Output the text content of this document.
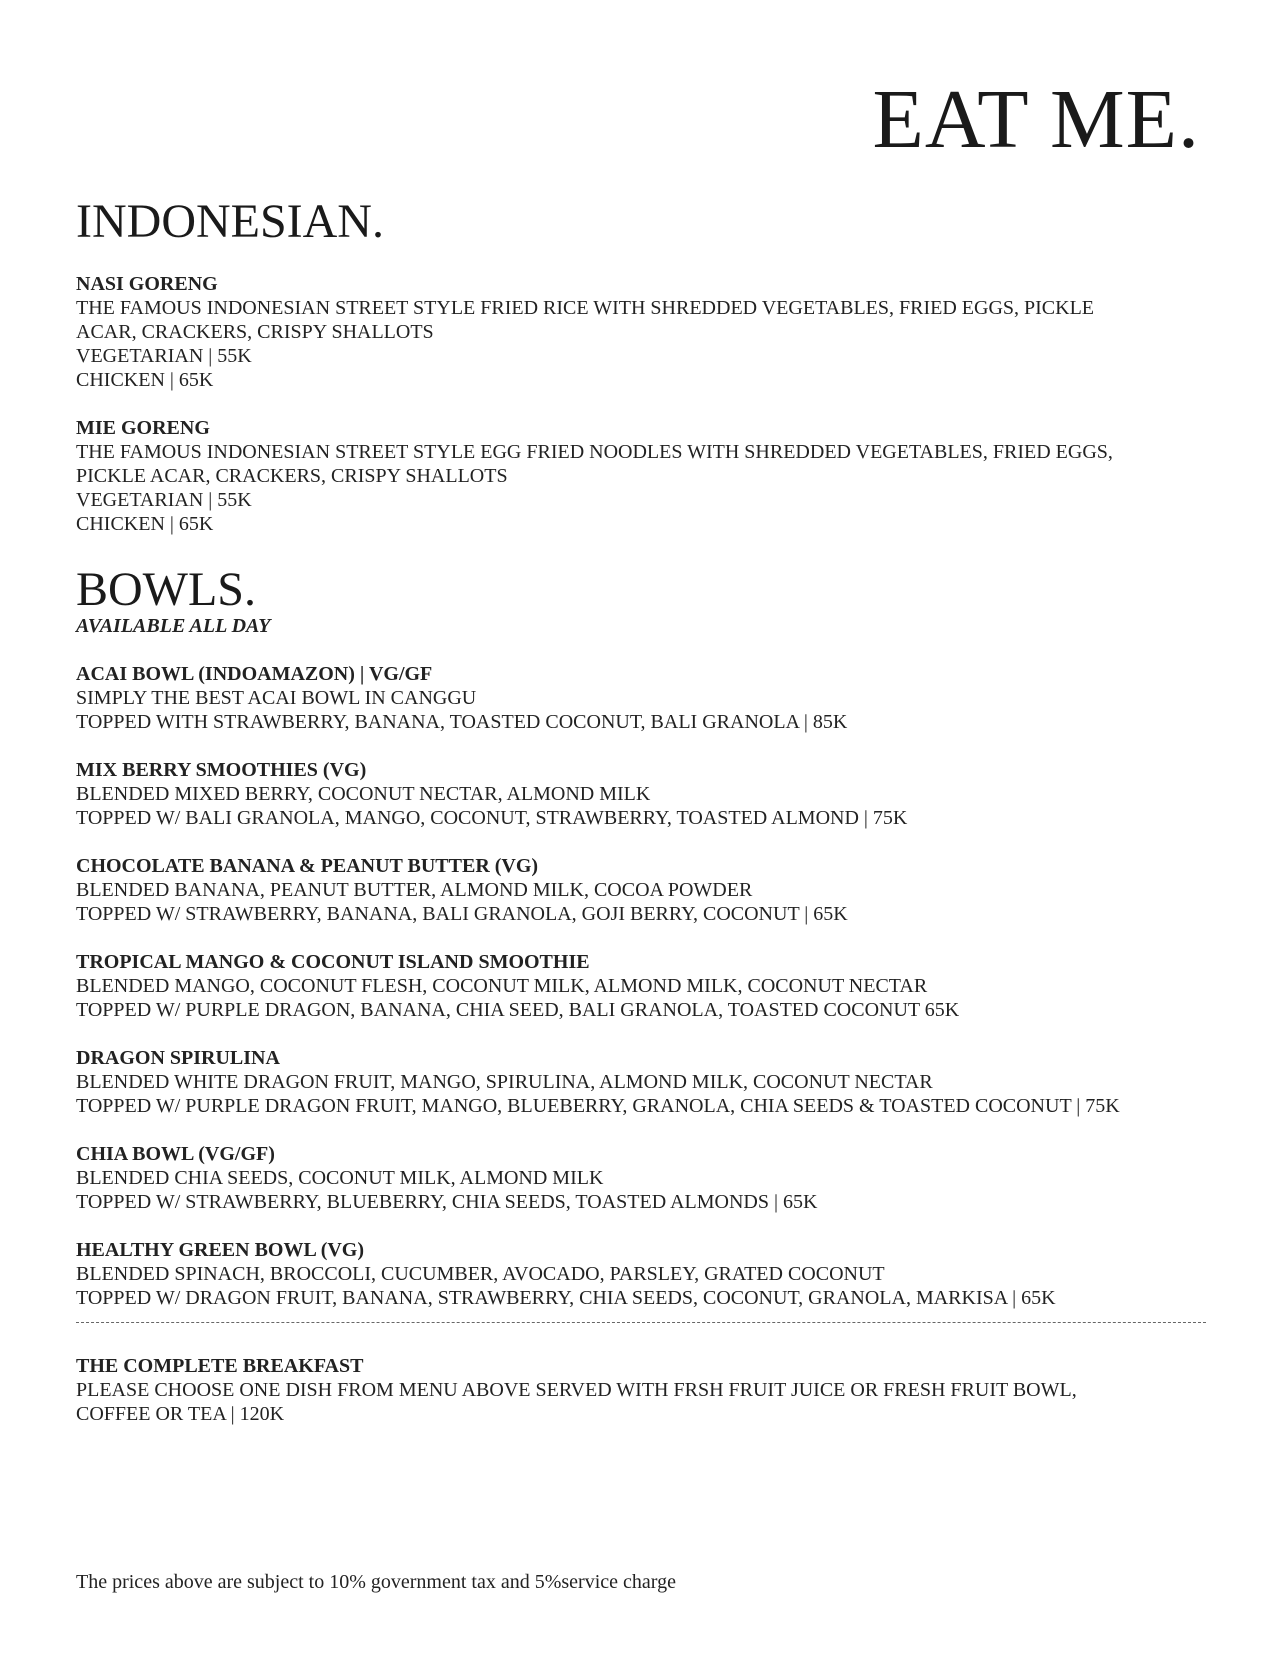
EAT ME.
INDONESIAN.
NASI GORENG
THE FAMOUS INDONESIAN STREET STYLE FRIED RICE WITH SHREDDED VEGETABLES, FRIED EGGS, PICKLE
ACAR, CRACKERS, CRISPY SHALLOTS
VEGETARIAN | 55K
CHICKEN | 65K
MIE GORENG
THE FAMOUS INDONESIAN STREET STYLE EGG FRIED NOODLES WITH SHREDDED VEGETABLES, FRIED EGGS,
PICKLE ACAR, CRACKERS, CRISPY SHALLOTS
VEGETARIAN | 55K
CHICKEN | 65K
BOWLS.

AVAILABLE ALL DAY

ACAI BOWL (INDOAMAZON) | VG/GF
SIMPLY THE BEST ACAI BOWL IN CANGGU
TOPPED WITH STRAWBERRY, BANANA, TOASTED COCONUT, BALI GRANOLA | 85K
MIX BERRY SMOOTHIES (VG)
BLENDED MIXED BERRY, COCONUT NECTAR, ALMOND MILK
TOPPED W/ BALI GRANOLA, MANGO, COCONUT, STRAWBERRY, TOASTED ALMOND | 75K
CHOCOLATE BANANA & PEANUT BUTTER (VG)
BLENDED BANANA, PEANUT BUTTER, ALMOND MILK, COCOA POWDER
TOPPED W/ STRAWBERRY, BANANA, BALI GRANOLA, GOJI BERRY, COCONUT | 65K
TROPICAL MANGO & COCONUT ISLAND SMOOTHIE
BLENDED MANGO, COCONUT FLESH, COCONUT MILK, ALMOND MILK, COCONUT NECTAR
TOPPED W/ PURPLE DRAGON, BANANA, CHIA SEED, BALI GRANOLA, TOASTED COCONUT 65K
DRAGON SPIRULINA
BLENDED WHITE DRAGON FRUIT, MANGO, SPIRULINA, ALMOND MILK, COCONUT NECTAR
TOPPED W/ PURPLE DRAGON FRUIT, MANGO, BLUEBERRY, GRANOLA, CHIA SEEDS & TOASTED COCONUT | 75K
CHIA BOWL (VG/GF)
BLENDED CHIA SEEDS, COCONUT MILK, ALMOND MILK
TOPPED W/ STRAWBERRY, BLUEBERRY, CHIA SEEDS, TOASTED ALMONDS | 65K
HEALTHY GREEN BOWL (VG)
BLENDED SPINACH, BROCCOLI, CUCUMBER, AVOCADO, PARSLEY, GRATED COCONUT
TOPPED W/ DRAGON FRUIT, BANANA, STRAWBERRY, CHIA SEEDS, COCONUT, GRANOLA, MARKISA | 65K
THE COMPLETE BREAKFAST
PLEASE CHOOSE ONE DISH FROM MENU ABOVE SERVED WITH FRSH FRUIT JUICE OR FRESH FRUIT BOWL,
COFFEE OR TEA | 120K

The prices above are subject to 10% government tax and 5%service charge
